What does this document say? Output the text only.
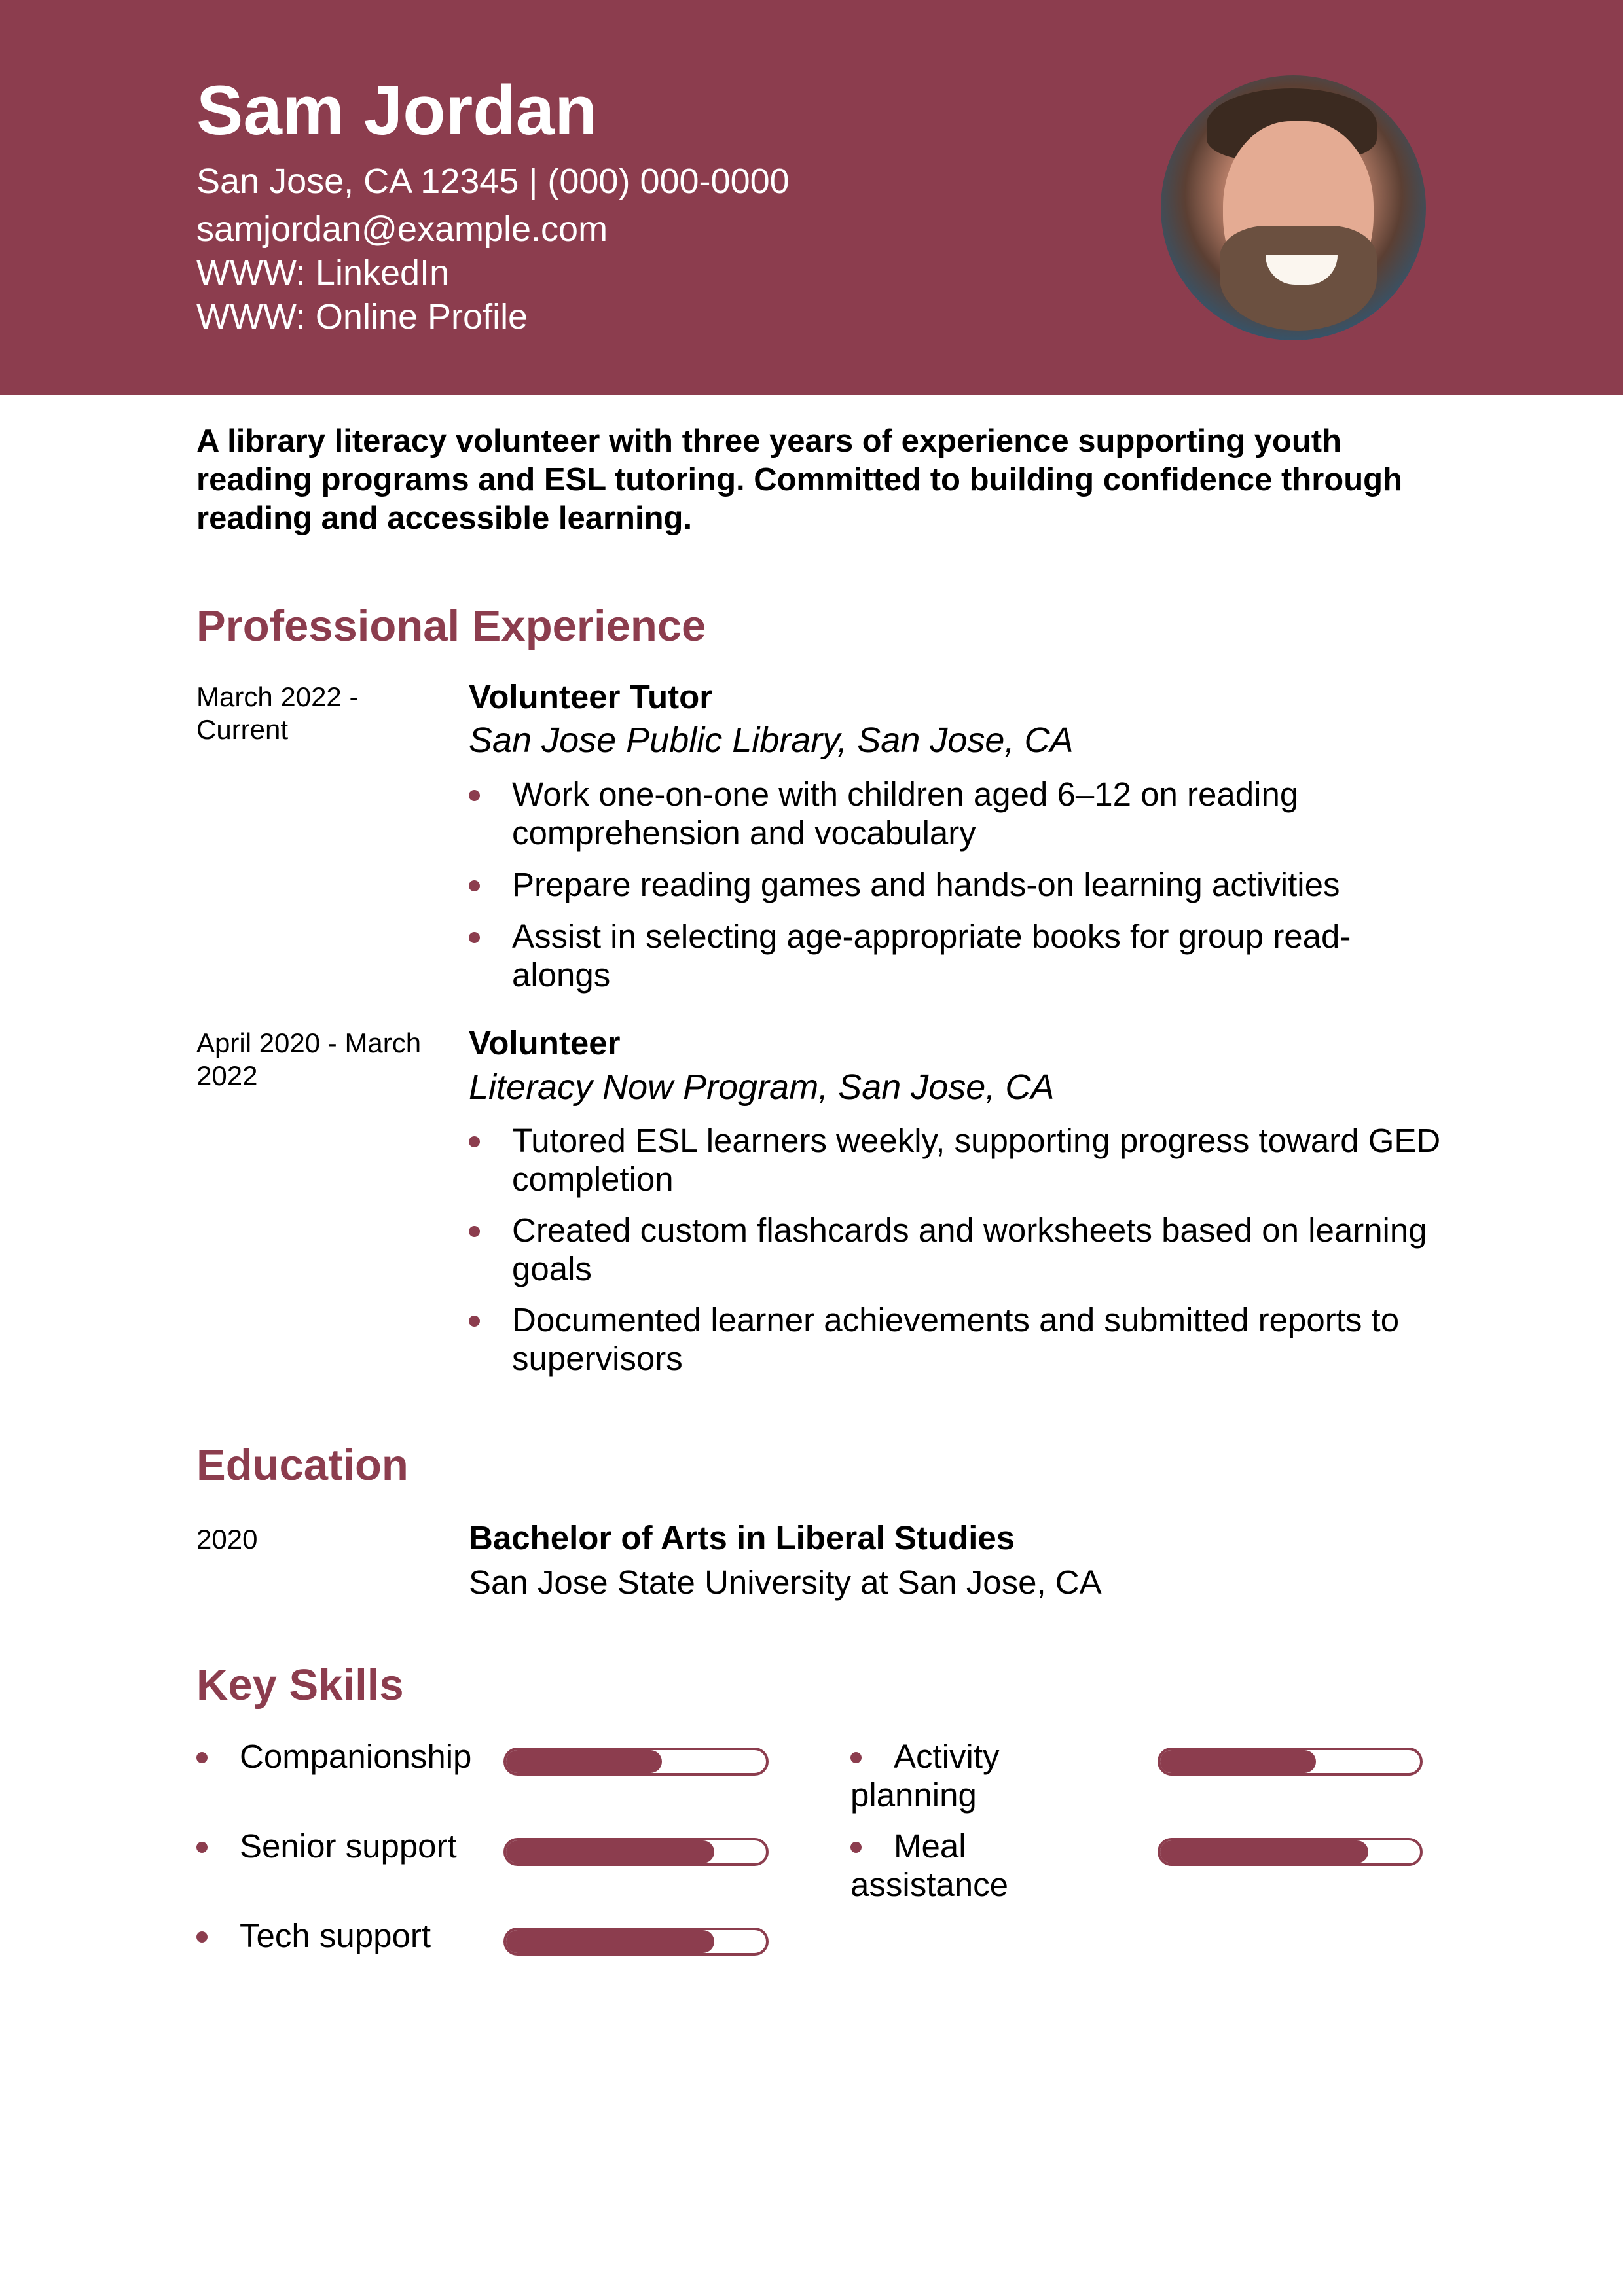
Sam Jordan
San Jose, CA 12345 | (000) 000-0000
samjordan@example.com
WWW: LinkedIn
WWW: Online Profile
A library literacy volunteer with three years of experience supporting youth reading programs and ESL tutoring. Committed to building confidence through reading and accessible learning.
Professional Experience
March 2022 - Current
Volunteer Tutor
San Jose Public Library, San Jose, CA
Work one-on-one with children aged 6–12 on reading comprehension and vocabulary
Prepare reading games and hands-on learning activities
Assist in selecting age-appropriate books for group read-alongs
April 2020 - March 2022
Volunteer
Literacy Now Program, San Jose, CA
Tutored ESL learners weekly, supporting progress toward GED completion
Created custom flashcards and worksheets based on learning goals
Documented learner achievements and submitted reports to supervisors
Education
2020	Bachelor of Arts in Liberal Studies
San Jose State University at San Jose, CA
Key Skills
Companionship	Activity planning
Senior support	Meal assistance
Tech support
